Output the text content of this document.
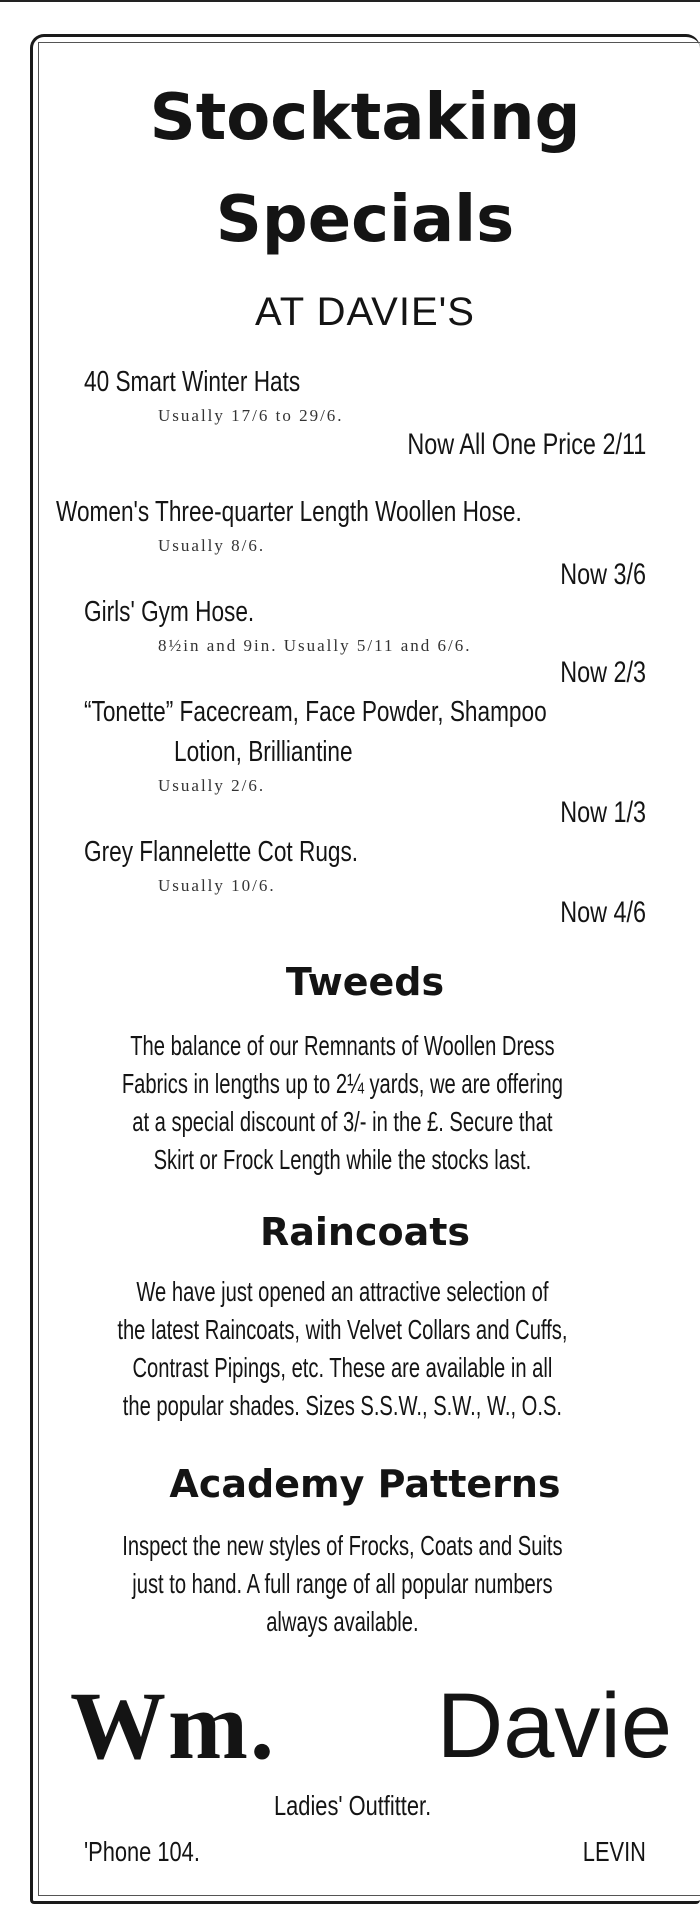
Stocktaking
Specials
AT DAVIE'S
40 Smart Winter Hats
Usually 17/6 to 29/6.
Now All One Price 2/11
Women's Three-quarter Length Woollen Hose.
Usually 8/6.
Now 3/6
Girls' Gym Hose.
8½in and 9in. Usually 5/11 and 6/6.
Now 2/3
“Tonette” Facecream, Face Powder, Shampoo
Lotion, Brilliantine
Usually 2/6.
Now 1/3
Grey Flannelette Cot Rugs.
Usually 10/6.
Now 4/6
Tweeds
The balance of our Remnants of Woollen Dress
Fabrics in lengths up to 2¼ yards, we are offering
at a special discount of 3/- in the £. Secure that
Skirt or Frock Length while the stocks last.
Raincoats
We have just opened an attractive selection of
the latest Raincoats, with Velvet Collars and Cuffs,
Contrast Pipings, etc. These are available in all
the popular shades. Sizes S.S.W., S.W., W., O.S.
Academy Patterns
Inspect the new styles of Frocks, Coats and Suits
just to hand. A full range of all popular numbers
always available.
Wm. Davie
Ladies' Outfitter.
'Phone 104.	LEVIN
